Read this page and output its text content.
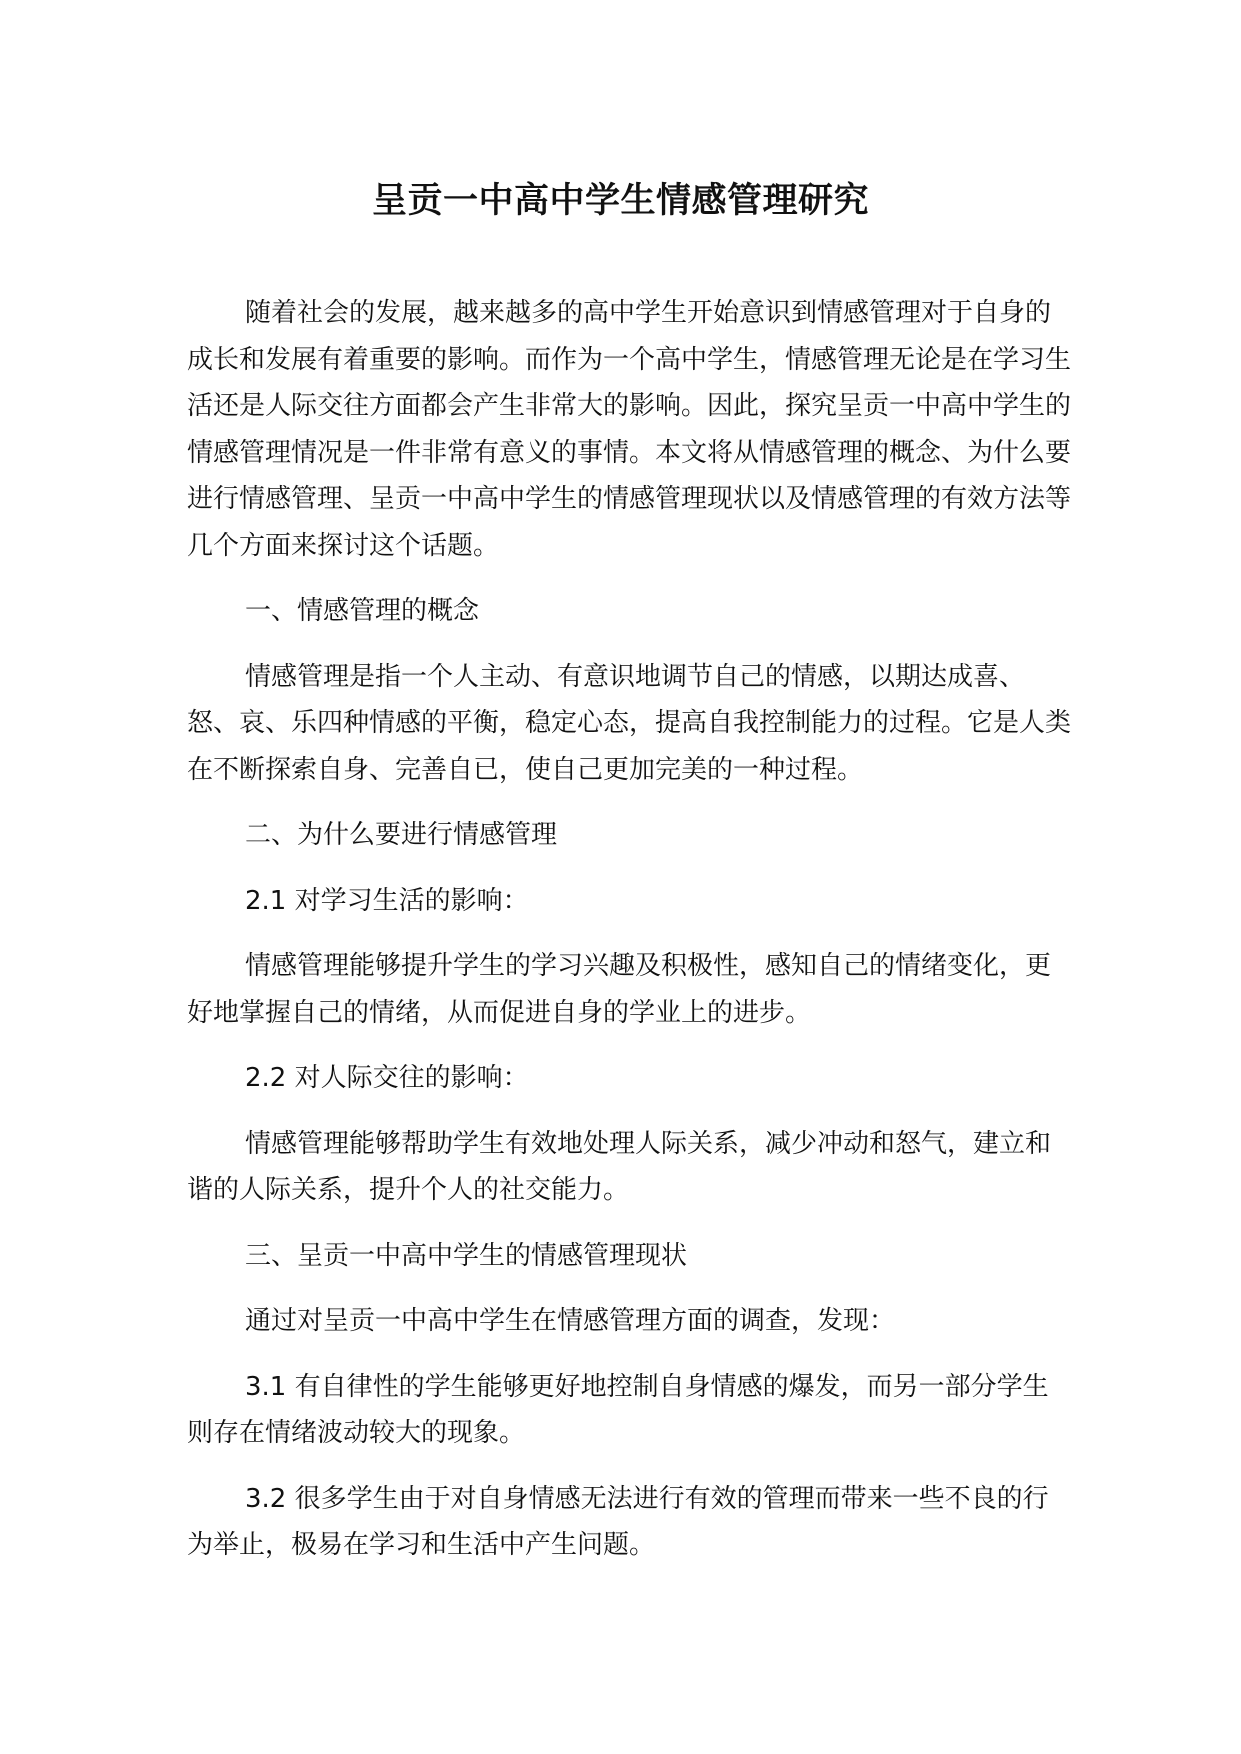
呈贡一中高中学生情感管理研究

随着社会的发展，越来越多的高中学生开始意识到情感管理对于自身的成长和发展有着重要的影响。而作为一个高中学生，情感管理无论是在学习生活还是人际交往方面都会产生非常大的影响。因此，探究呈贡一中高中学生的情感管理情况是一件非常有意义的事情。本文将从情感管理的概念、为什么要进行情感管理、呈贡一中高中学生的情感管理现状以及情感管理的有效方法等几个方面来探讨这个话题。

一、情感管理的概念

情感管理是指一个人主动、有意识地调节自己的情感，以期达成喜、怒、哀、乐四种情感的平衡，稳定心态，提高自我控制能力的过程。它是人类在不断探索自身、完善自已，使自己更加完美的一种过程。

二、为什么要进行情感管理

2.1 对学习生活的影响：

情感管理能够提升学生的学习兴趣及积极性，感知自己的情绪变化，更好地掌握自己的情绪，从而促进自身的学业上的进步。

2.2 对人际交往的影响：

情感管理能够帮助学生有效地处理人际关系，减少冲动和怒气，建立和谐的人际关系，提升个人的社交能力。

三、呈贡一中高中学生的情感管理现状

通过对呈贡一中高中学生在情感管理方面的调查，发现：

3.1 有自律性的学生能够更好地控制自身情感的爆发，而另一部分学生则存在情绪波动较大的现象。

3.2 很多学生由于对自身情感无法进行有效的管理而带来一些不良的行为举止，极易在学习和生活中产生问题。
